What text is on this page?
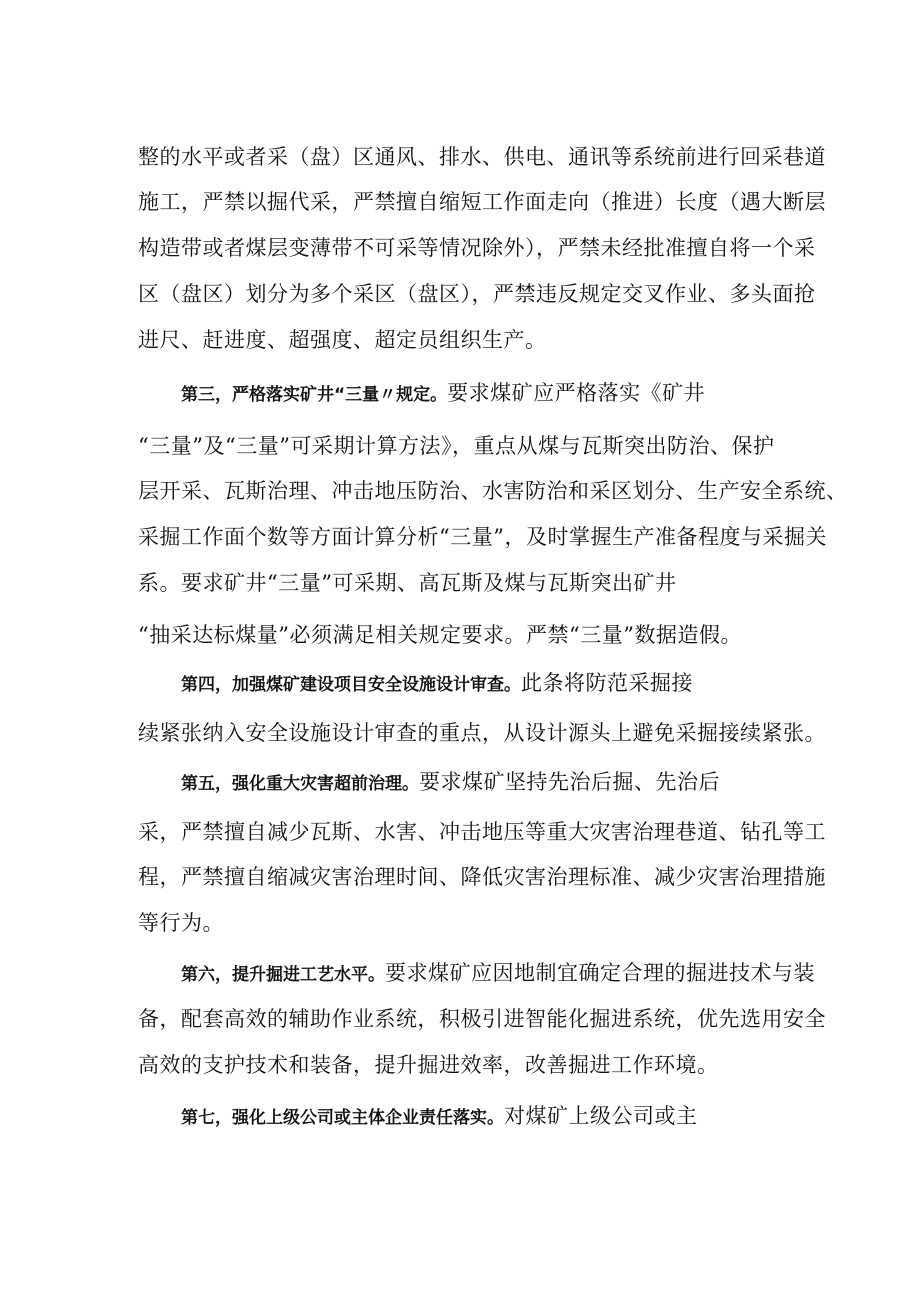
整的水平或者采（盘）区通风、排水、供电、通讯等系统前进行回采巷道
施工，严禁以掘代采，严禁擅自缩短工作面走向（推进）长度（遇大断层
构造带或者煤层变薄带不可采等情况除外），严禁未经批准擅自将一个采
区（盘区）划分为多个采区（盘区），严禁违反规定交叉作业、多头面抢
进尺、赶进度、超强度、超定员组织生产。
第三，严格落实矿井“三量〃规定。要求煤矿应严格落实《矿井
“三量”及“三量”可采期计算方法》，重点从煤与瓦斯突出防治、保护
层开采、瓦斯治理、冲击地压防治、水害防治和采区划分、生产安全系统、
采掘工作面个数等方面计算分析“三量”，及时掌握生产准备程度与采掘关
系。要求矿井“三量”可采期、高瓦斯及煤与瓦斯突出矿井
“抽采达标煤量”必须满足相关规定要求。严禁“三量”数据造假。
第四，加强煤矿建设项目安全设施设计审查。此条将防范采掘接
续紧张纳入安全设施设计审查的重点，从设计源头上避免采掘接续紧张。
第五，强化重大灾害超前治理。要求煤矿坚持先治后掘、先治后
采，严禁擅自减少瓦斯、水害、冲击地压等重大灾害治理巷道、钻孔等工
程，严禁擅自缩减灾害治理时间、降低灾害治理标准、减少灾害治理措施
等行为。
第六，提升掘进工艺水平。要求煤矿应因地制宜确定合理的掘进技术与装
备，配套高效的辅助作业系统，积极引进智能化掘进系统，优先选用安全
高效的支护技术和装备，提升掘进效率，改善掘进工作环境。
第七，强化上级公司或主体企业责任落实。对煤矿上级公司或主
